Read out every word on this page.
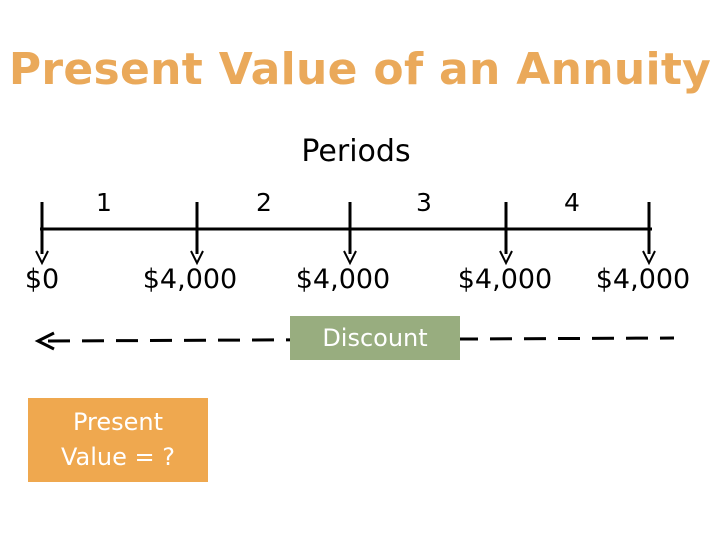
Present Value of an Annuity
Periods
1	2	3	4
$0	$4,000	$4,000	$4,000	$4,000
Discount
Present
Value = ?
